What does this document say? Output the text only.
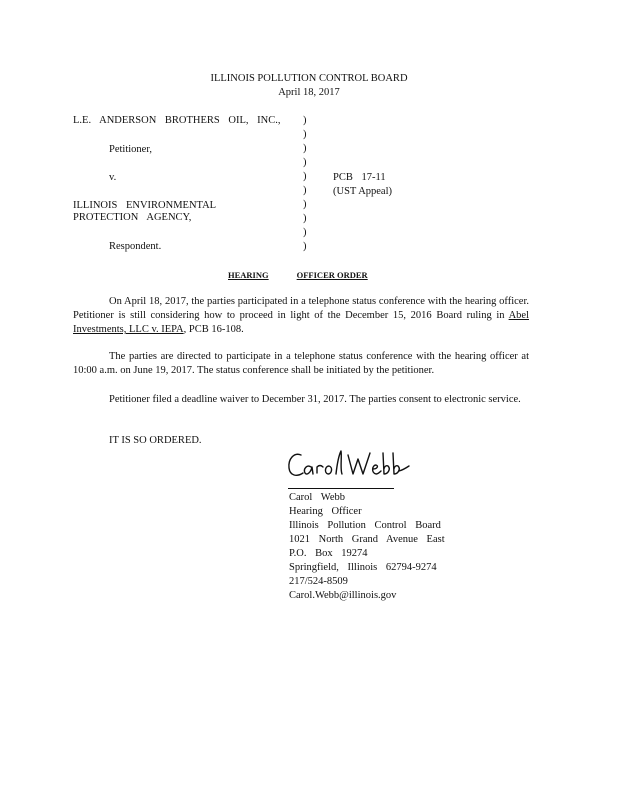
ILLINOIS POLLUTION CONTROL BOARD
April 18, 2017
L.E. ANDERSON BROTHERS OIL, INC.,
Petitioner,
v.
ILLINOIS ENVIRONMENTAL
PROTECTION AGENCY,
Respondent.
)
)
)
)
)
)
)
)
)
)
PCB 17-11
(UST Appeal)
HEARING	OFFICER ORDER
On April 18, 2017, the parties participated in a telephone status conference with the hearing officer. Petitioner is still considering how to proceed in light of the December 15, 2016 Board ruling in Abel Investments, LLC v. IEPA, PCB 16-108.
The parties are directed to participate in a telephone status conference with the hearing officer at 10:00 a.m. on June 19, 2017. The status conference shall be initiated by the petitioner.
Petitioner filed a deadline waiver to December 31, 2017. The parties consent to electronic service.
IT IS SO ORDERED.
Carol Webb
Hearing Officer
Illinois Pollution Control Board
1021 North Grand Avenue East
P.O. Box 19274
Springfield, Illinois 62794-9274
217/524-8509
Carol.Webb@illinois.gov
